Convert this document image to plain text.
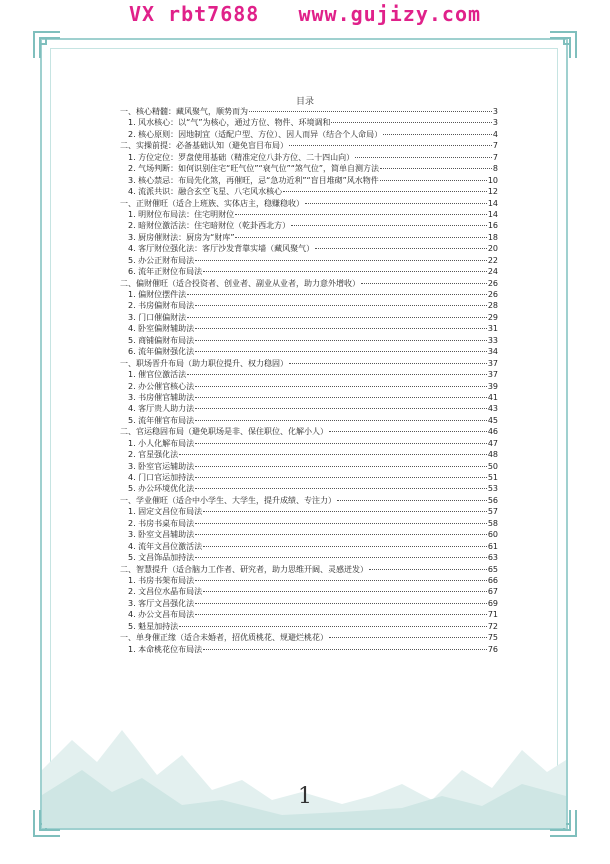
VX rbt7688   www.gujizy.com
目录
一、核心精髓：藏风聚气，顺势而为	3
1. 风水核心：以“气”为核心，通过方位、物件、环境调和	3
2. 核心原则：因地制宜（适配户型、方位）、因人而异（结合个人命局）	4
二、实操前提：必备基础认知（避免盲目布局）	7
1. 方位定位：罗盘使用基础（精准定位八卦方位、二十四山向）	7
2. 气场判断：如何识别住宅“旺气位”“衰气位”“煞气位”，简单自测方法	8
3. 核心禁忌：布局先化煞，再催旺，忌“急功近利”“盲目堆砌”风水物件	10
4. 流派共识：融合玄空飞星、八宅风水核心	12
一、正财催旺（适合上班族、实体店主，稳赚稳收）	14
1. 明财位布局法：住宅明财位	14
2. 暗财位激活法：住宅暗财位（乾卦西北方）	16
3. 厨房催财法：厨房为“财库”	18
4. 客厅财位强化法：客厅沙发背靠实墙（藏风聚气）	20
5. 办公正财布局法	22
6. 流年正财位布局法	24
二、偏财催旺（适合投资者、创业者、副业从业者，助力意外增收）	26
1. 偏财位摆件法	26
2. 书房偏财布局法	28
3. 门口催偏财法	29
4. 卧室偏财辅助法	31
5. 商铺偏财布局法	33
6. 流年偏财强化法	34
一、职场晋升布局（助力职位提升、权力稳固）	37
1. 催官位激活法	37
2. 办公催官核心法	39
3. 书房催官辅助法	41
4. 客厅贵人助力法	43
5. 流年催官布局法	45
二、官运稳固布局（避免职场是非、保住职位、化解小人）	46
1. 小人化解布局法	47
2. 官星强化法	48
3. 卧室官运辅助法	50
4. 门口官运加持法	51
5. 办公环境优化法	53
一、学业催旺（适合中小学生、大学生，提升成绩、专注力）	56
1. 固定文昌位布局法	57
2. 书房书桌布局法	58
3. 卧室文昌辅助法	60
4. 流年文昌位激活法	61
5. 文昌饰品加持法	63
二、智慧提升（适合脑力工作者、研究者，助力思维开阔、灵感迸发）	65
1. 书房书架布局法	66
2. 文昌位水晶布局法	67
3. 客厅文昌强化法	69
4. 办公文昌布局法	71
5. 魁星加持法	72
一、单身催正缘（适合未婚者，招优质桃花、规避烂桃花）	75
1. 本命桃花位布局法	76
1
